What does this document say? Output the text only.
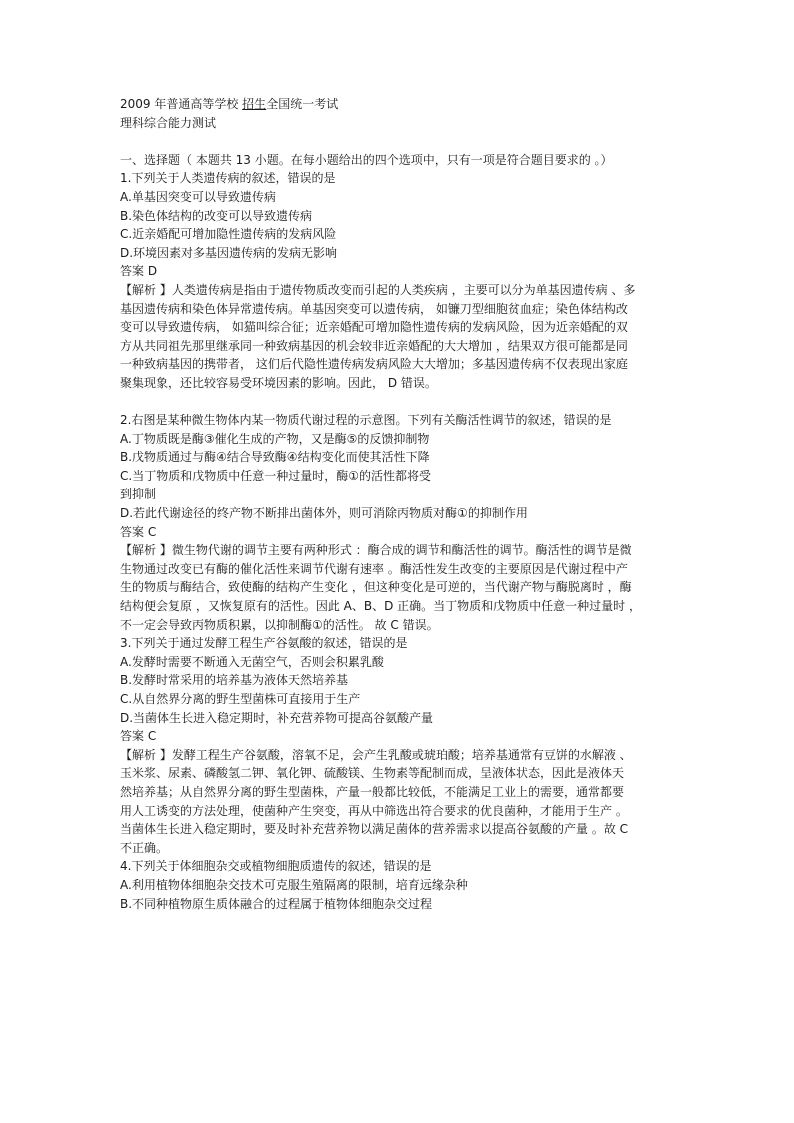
2009 年普通高等学校 招生全国统一考试
理科综合能力测试
一、选择题（ 本题共 13 小题。在每小题给出的四个选项中，只有一项是符合题目要求的 。）
1.下列关于人类遗传病的叙述，错误的是
A.单基因突变可以导致遗传病
B.染色体结构的改变可以导致遗传病
C.近亲婚配可增加隐性遗传病的发病风险
D.环境因素对多基因遗传病的发病无影响
答案 D
【解析 】人类遗传病是指由于遗传物质改变而引起的人类疾病 ，主要可以分为单基因遗传病 、多
基因遗传病和染色体异常遗传病。单基因突变可以遗传病， 如镰刀型细胞贫血症；染色体结构改
变可以导致遗传病， 如猫叫综合征；近亲婚配可增加隐性遗传病的发病风险，因为近亲婚配的双
方从共同祖先那里继承同一种致病基因的机会较非近亲婚配的大大增加 ，结果双方很可能都是同
一种致病基因的携带者， 这们后代隐性遗传病发病风险大大增加；多基因遗传病不仅表现出家庭
聚集现象，还比较容易受环境因素的影响。因此， D 错误。
2.右图是某种微生物体内某一物质代谢过程的示意图。下列有关酶活性调节的叙述，错误的是
A.丁物质既是酶③催化生成的产物，又是酶⑤的反馈抑制物
B.戊物质通过与酶④结合导致酶④结构变化而使其活性下降
C.当丁物质和戊物质中任意一种过量时，酶①的活性都将受
到抑制
D.若此代谢途径的终产物不断排出菌体外，则可消除丙物质对酶①的抑制作用
答案 C
【解析 】微生物代谢的调节主要有两种形式 ：酶合成的调节和酶活性的调节。酶活性的调节是微
生物通过改变已有酶的催化活性来调节代谢有速率 。酶活性发生改变的主要原因是代谢过程中产
生的物质与酶结合，致使酶的结构产生变化 ，但这种变化是可逆的，当代谢产物与酶脱离时 ，酶
结构便会复原 ，又恢复原有的活性。因此 A、B、D 正确。当丁物质和戊物质中任意一种过量时 ，
不一定会导致丙物质积累，以抑制酶①的活性。 故 C 错误。
3.下列关于通过发酵工程生产谷氨酸的叙述，错误的是
A.发酵时需要不断通入无菌空气，否则会积累乳酸
B.发酵时常采用的培养基为液体天然培养基
C.从自然界分离的野生型菌株可直接用于生产
D.当菌体生长进入稳定期时，补充营养物可提高谷氨酸产量
答案 C
【解析 】发酵工程生产谷氨酸，溶氧不足，会产生乳酸或琥珀酸；培养基通常有豆饼的水解液 、
玉米浆、尿素、磷酸氢二钾、氧化钾、硫酸镁、生物素等配制而成，呈液体状态，因此是液体天
然培养基；从自然界分离的野生型菌株，产量一般都比较低，不能满足工业上的需要，通常都要
用人工诱变的方法处理，使菌种产生突变，再从中筛选出符合要求的优良菌种，才能用于生产 。
当菌体生长进入稳定期时，要及时补充营养物以满足菌体的营养需求以提高谷氨酸的产量 。故 C
不正确。
4.下列关于体细胞杂交或植物细胞质遗传的叙述，错误的是
A.利用植物体细胞杂交技术可克服生殖隔离的限制，培育远缘杂种
B.不同种植物原生质体融合的过程属于植物体细胞杂交过程
